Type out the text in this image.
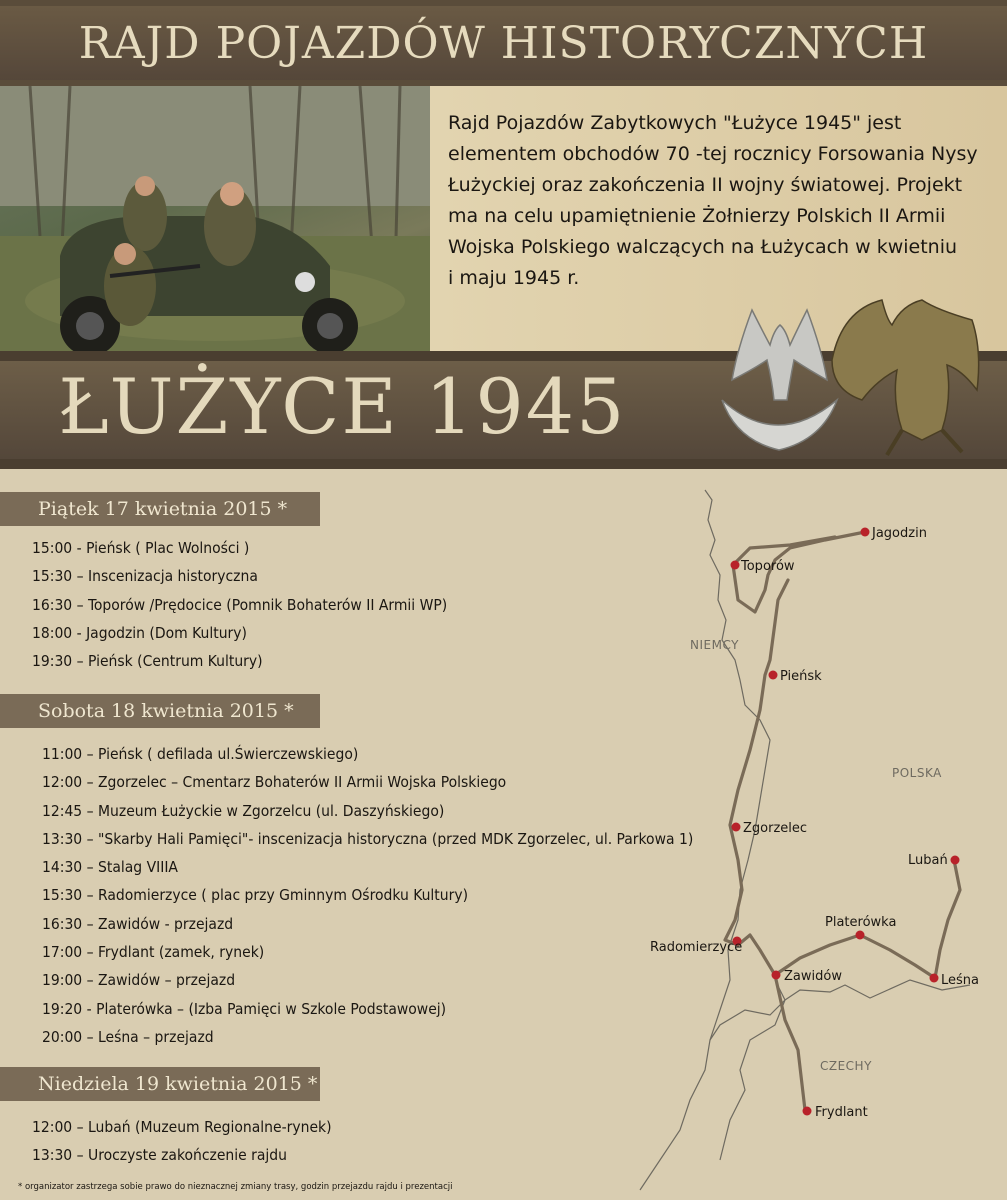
RAJD POJAZDÓW HISTORYCZNYCH
Rajd Pojazdów Zabytkowych "Łużyce 1945" jest
elementem obchodów 70 -tej rocznicy Forsowania Nysy
Łużyckiej oraz zakończenia II wojny światowej. Projekt
ma na celu upamiętnienie Żołnierzy Polskich II Armii
Wojska Polskiego walczących na Łużycach w kwietniu
i maju 1945 r.
ŁUŻYCE 1945
Piątek 17 kwietnia 2015 *
15:00 - Pieńsk ( Plac Wolności )
15:30 – Inscenizacja historyczna
16:30 – Toporów /Prędocice (Pomnik Bohaterów II Armii WP)
18:00 - Jagodzin (Dom Kultury)
19:30 – Pieńsk (Centrum Kultury)
Sobota 18 kwietnia 2015 *
11:00 – Pieńsk ( defilada ul.Świerczewskiego)
12:00 – Zgorzelec – Cmentarz Bohaterów II Armii Wojska Polskiego
12:45 – Muzeum Łużyckie w Zgorzelcu (ul. Daszyńskiego)
13:30 – "Skarby Hali Pamięci"- inscenizacja historyczna (przed MDK Zgorzelec, ul. Parkowa 1)
14:30 – Stalag VIIIA
15:30 – Radomierzyce ( plac przy Gminnym Ośrodku Kultury)
16:30 – Zawidów - przejazd
17:00 – Frydlant (zamek, rynek)
19:00 – Zawidów – przejazd
19:20 - Platerówka – (Izba Pamięci w Szkole Podstawowej)
20:00 – Leśna – przejazd
Niedziela 19 kwietnia 2015 *
12:00 – Lubań (Muzeum Regionalne-rynek)
13:30 – Uroczyste zakończenie rajdu
* organizator zastrzega sobie prawo do nieznacznej zmiany trasy, godzin przejazdu rajdu i prezentacji
NIEMCY
POLSKA
CZECHY
Jagodzin
Toporów
Pieńsk
Zgorzelec
Lubań
Platerówka
Radomierzyce
Zawidów	Leśna
Frydlant
